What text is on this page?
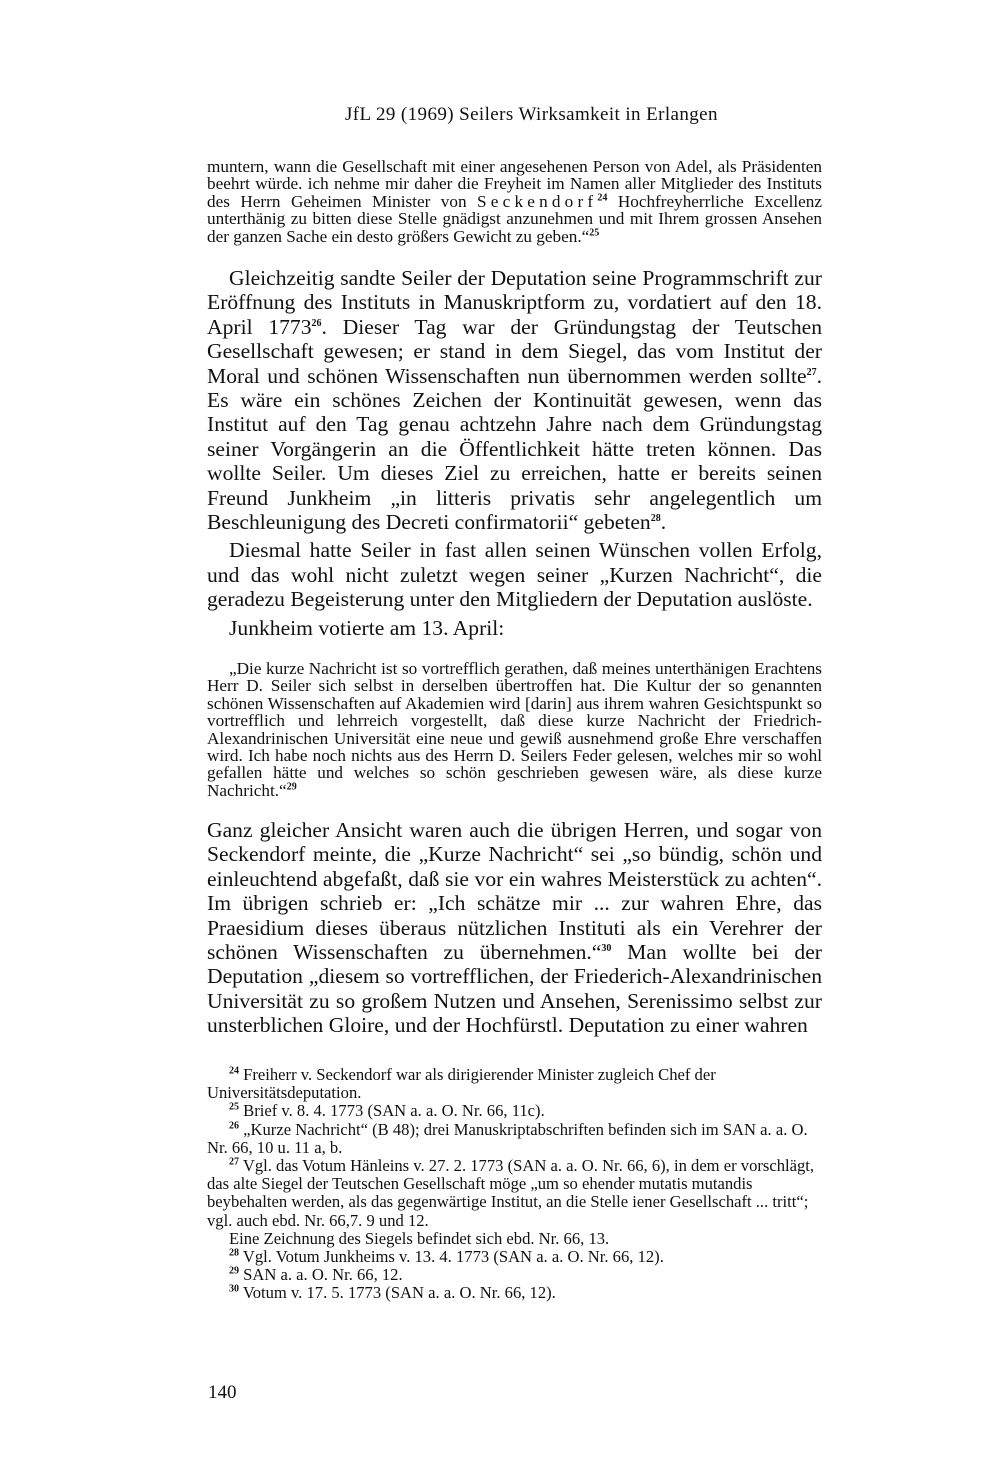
JfL 29 (1969) Seilers Wirksamkeit in Erlangen
muntern, wann die Gesellschaft mit einer angesehenen Person von Adel, als Präsidenten beehrt würde. ich nehme mir daher die Freyheit im Namen aller Mitglieder des Instituts des Herrn Geheimen Minister von Seckendorf$^{24}$ Hochfreyherrliche Excellenz unterthänig zu bitten diese Stelle gnädigst anzunehmen und mit Ihrem grossen Ansehen der ganzen Sache ein desto größers Gewicht zu geben.“$^{25}$

Gleichzeitig sandte Seiler der Deputation seine Programmschrift zur Eröffnung des Instituts in Manuskriptform zu, vordatiert auf den 18. April 1773$^{26}$. Dieser Tag war der Gründungstag der Teutschen Gesellschaft gewesen; er stand in dem Siegel, das vom Institut der Moral und schönen Wissenschaften nun übernommen werden sollte$^{27}$. Es wäre ein schönes Zeichen der Kontinuität gewesen, wenn das Institut auf den Tag genau achtzehn Jahre nach dem Gründungstag seiner Vorgängerin an die Öffentlichkeit hätte treten können. Das wollte Seiler. Um dieses Ziel zu erreichen, hatte er bereits seinen Freund Junkheim „in litteris privatis sehr angelegentlich um Beschleunigung des Decreti confirmatorii“ gebeten$^{28}$.

Diesmal hatte Seiler in fast allen seinen Wünschen vollen Erfolg, und das wohl nicht zuletzt wegen seiner „Kurzen Nachricht“, die geradezu Begeisterung unter den Mitgliedern der Deputation auslöste.

Junkheim votierte am 13. April:

„Die kurze Nachricht ist so vortrefflich gerathen, daß meines unterthänigen Erachtens Herr D. Seiler sich selbst in derselben übertroffen hat. Die Kultur der so genannten schönen Wissenschaften auf Akademien wird [darin] aus ihrem wahren Gesichtspunkt so vortrefflich und lehrreich vorgestellt, daß diese kurze Nachricht der Friedrich-Alexandrinischen Universität eine neue und gewiß ausnehmend große Ehre verschaffen wird. Ich habe noch nichts aus des Herrn D. Seilers Feder gelesen, welches mir so wohl gefallen hätte und welches so schön geschrieben gewesen wäre, als diese kurze Nachricht.“$^{29}$

Ganz gleicher Ansicht waren auch die übrigen Herren, und sogar von Seckendorf meinte, die „Kurze Nachricht“ sei „so bündig, schön und einleuchtend abgefaßt, daß sie vor ein wahres Meisterstück zu achten“. Im übrigen schrieb er: „Ich schätze mir ... zur wahren Ehre, das Praesidium dieses überaus nützlichen Instituti als ein Verehrer der schönen Wissenschaften zu übernehmen.“$^{30}$ Man wollte bei der Deputation „diesem so vortrefflichen, der Friederich-Alexandrinischen Universität zu so großem Nutzen und Ansehen, Serenissimo selbst zur unsterblichen Gloire, und der Hochfürstl. Deputation zu einer wahren

$^{24}$ Freiherr v. Seckendorf war als dirigierender Minister zugleich Chef der Universitätsdeputation.

$^{25}$ Brief v. 8. 4. 1773 (SAN a. a. O. Nr. 66, 11c).

$^{26}$ „Kurze Nachricht“ (B 48); drei Manuskriptabschriften befinden sich im SAN a. a. O. Nr. 66, 10 u. 11 a, b.

$^{27}$ Vgl. das Votum Hänleins v. 27. 2. 1773 (SAN a. a. O. Nr. 66, 6), in dem er vorschlägt, das alte Siegel der Teutschen Gesellschaft möge „um so ehender mutatis mutandis beybehalten werden, als das gegenwärtige Institut, an die Stelle iener Gesellschaft ... tritt“; vgl. auch ebd. Nr. 66,7. 9 und 12.

Eine Zeichnung des Siegels befindet sich ebd. Nr. 66, 13.

$^{28}$ Vgl. Votum Junkheims v. 13. 4. 1773 (SAN a. a. O. Nr. 66, 12).

$^{29}$ SAN a. a. O. Nr. 66, 12.

$^{30}$ Votum v. 17. 5. 1773 (SAN a. a. O. Nr. 66, 12).

140
